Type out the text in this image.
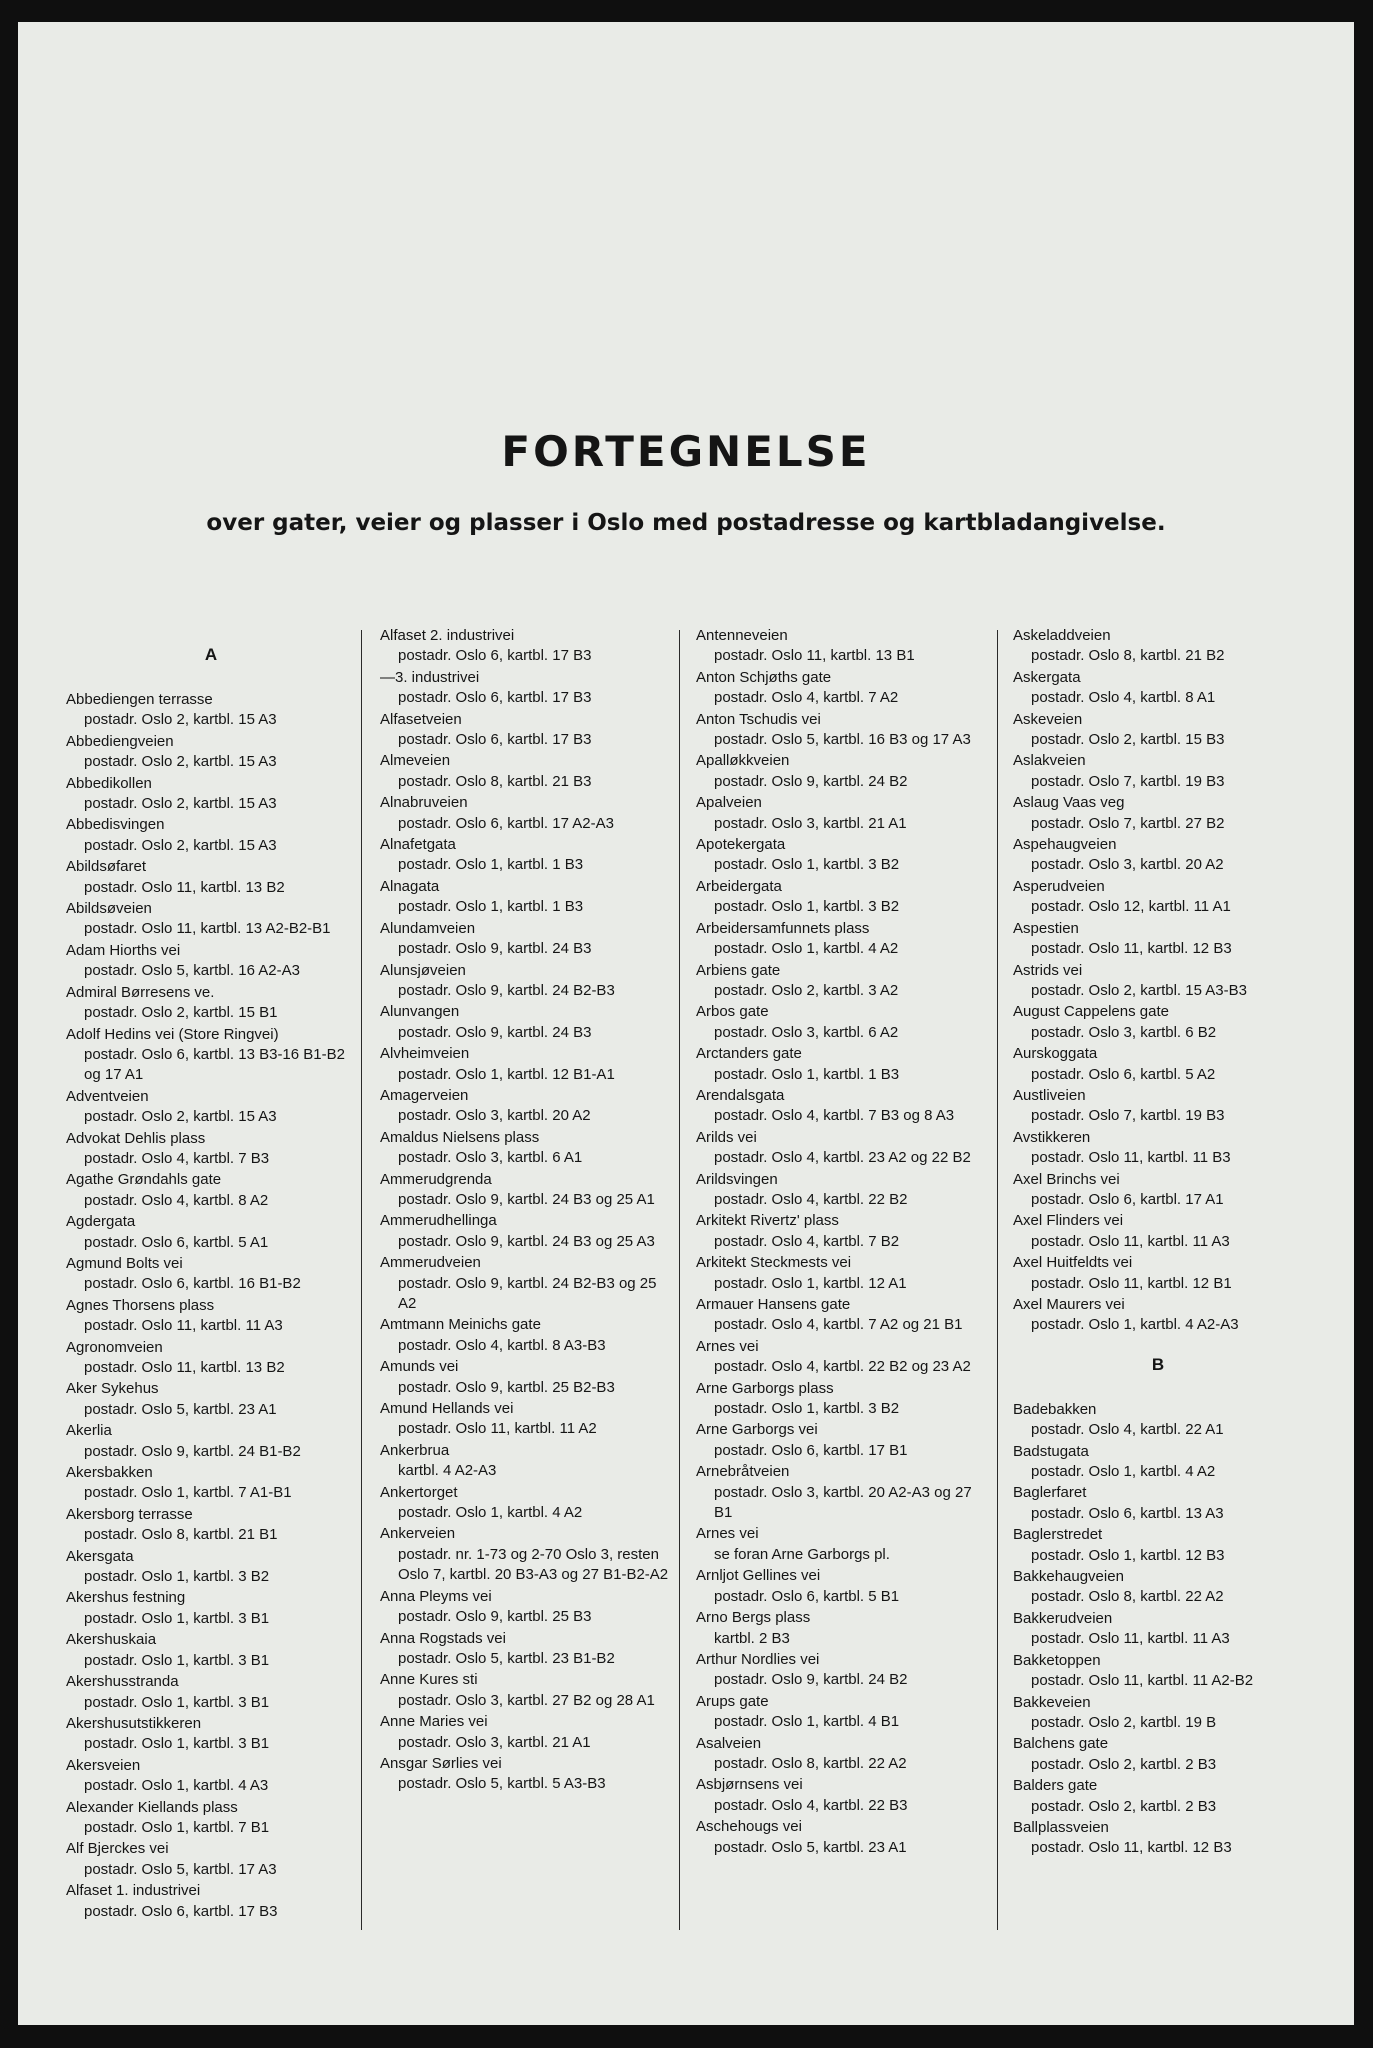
FORTEGNELSE
over gater, veier og plasser i Oslo med postadresse og kartbladangivelse.
A
Abbediengen terrasse
postadr. Oslo 2, kartbl. 15 A3
Abbediengveien
postadr. Oslo 2, kartbl. 15 A3
Abbedikollen
postadr. Oslo 2, kartbl. 15 A3
Abbedisvingen
postadr. Oslo 2, kartbl. 15 A3
Abildsøfaret
postadr. Oslo 11, kartbl. 13 B2
Abildsøveien
postadr. Oslo 11, kartbl. 13 A2-B2-B1
Adam Hiorths vei
postadr. Oslo 5, kartbl. 16 A2-A3
Admiral Børresens ve.
postadr. Oslo 2, kartbl. 15 B1
Adolf Hedins vei (Store Ringvei)
postadr. Oslo 6, kartbl. 13 B3-16 B1-B2 og 17 A1
Adventveien
postadr. Oslo 2, kartbl. 15 A3
Advokat Dehlis plass
postadr. Oslo 4, kartbl. 7 B3
Agathe Grøndahls gate
postadr. Oslo 4, kartbl. 8 A2
Agdergata
postadr. Oslo 6, kartbl. 5 A1
Agmund Bolts vei
postadr. Oslo 6, kartbl. 16 B1-B2
Agnes Thorsens plass
postadr. Oslo 11, kartbl. 11 A3
Agronomveien
postadr. Oslo 11, kartbl. 13 B2
Aker Sykehus
postadr. Oslo 5, kartbl. 23 A1
Akerlia
postadr. Oslo 9, kartbl. 24 B1-B2
Akersbakken
postadr. Oslo 1, kartbl. 7 A1-B1
Akersborg terrasse
postadr. Oslo 8, kartbl. 21 B1
Akersgata
postadr. Oslo 1, kartbl. 3 B2
Akershus festning
postadr. Oslo 1, kartbl. 3 B1
Akershuskaia
postadr. Oslo 1, kartbl. 3 B1
Akershusstranda
postadr. Oslo 1, kartbl. 3 B1
Akershusutstikkeren
postadr. Oslo 1, kartbl. 3 B1
Akersveien
postadr. Oslo 1, kartbl. 4 A3
Alexander Kiellands plass
postadr. Oslo 1, kartbl. 7 B1
Alf Bjerckes vei
postadr. Oslo 5, kartbl. 17 A3
Alfaset 1. industrivei
postadr. Oslo 6, kartbl. 17 B3
Alfaset 2. industrivei
postadr. Oslo 6, kartbl. 17 B3
—3. industrivei
postadr. Oslo 6, kartbl. 17 B3
Alfasetveien
postadr. Oslo 6, kartbl. 17 B3
Almeveien
postadr. Oslo 8, kartbl. 21 B3
Alnabruveien
postadr. Oslo 6, kartbl. 17 A2-A3
Alnafetgata
postadr. Oslo 1, kartbl. 1 B3
Alnagata
postadr. Oslo 1, kartbl. 1 B3
Alundamveien
postadr. Oslo 9, kartbl. 24 B3
Alunsjøveien
postadr. Oslo 9, kartbl. 24 B2-B3
Alunvangen
postadr. Oslo 9, kartbl. 24 B3
Alvheimveien
postadr. Oslo 1, kartbl. 12 B1-A1
Amagerveien
postadr. Oslo 3, kartbl. 20 A2
Amaldus Nielsens plass
postadr. Oslo 3, kartbl. 6 A1
Ammerudgrenda
postadr. Oslo 9, kartbl. 24 B3 og 25 A1
Ammerudhellinga
postadr. Oslo 9, kartbl. 24 B3 og 25 A3
Ammerudveien
postadr. Oslo 9, kartbl. 24 B2-B3 og 25 A2
Amtmann Meinichs gate
postadr. Oslo 4, kartbl. 8 A3-B3
Amunds vei
postadr. Oslo 9, kartbl. 25 B2-B3
Amund Hellands vei
postadr. Oslo 11, kartbl. 11 A2
Ankerbrua
kartbl. 4 A2-A3
Ankertorget
postadr. Oslo 1, kartbl. 4 A2
Ankerveien
postadr. nr. 1-73 og 2-70 Oslo 3, resten Oslo 7, kartbl. 20 B3-A3 og 27 B1-B2-A2
Anna Pleyms vei
postadr. Oslo 9, kartbl. 25 B3
Anna Rogstads vei
postadr. Oslo 5, kartbl. 23 B1-B2
Anne Kures sti
postadr. Oslo 3, kartbl. 27 B2 og 28 A1
Anne Maries vei
postadr. Oslo 3, kartbl. 21 A1
Ansgar Sørlies vei
postadr. Oslo 5, kartbl. 5 A3-B3
Antenneveien
postadr. Oslo 11, kartbl. 13 B1
Anton Schjøths gate
postadr. Oslo 4, kartbl. 7 A2
Anton Tschudis vei
postadr. Oslo 5, kartbl. 16 B3 og 17 A3
Apalløkkveien
postadr. Oslo 9, kartbl. 24 B2
Apalveien
postadr. Oslo 3, kartbl. 21 A1
Apotekergata
postadr. Oslo 1, kartbl. 3 B2
Arbeidergata
postadr. Oslo 1, kartbl. 3 B2
Arbeidersamfunnets plass
postadr. Oslo 1, kartbl. 4 A2
Arbiens gate
postadr. Oslo 2, kartbl. 3 A2
Arbos gate
postadr. Oslo 3, kartbl. 6 A2
Arctanders gate
postadr. Oslo 1, kartbl. 1 B3
Arendalsgata
postadr. Oslo 4, kartbl. 7 B3 og 8 A3
Arilds vei
postadr. Oslo 4, kartbl. 23 A2 og 22 B2
Arildsvingen
postadr. Oslo 4, kartbl. 22 B2
Arkitekt Rivertz' plass
postadr. Oslo 4, kartbl. 7 B2
Arkitekt Steckmests vei
postadr. Oslo 1, kartbl. 12 A1
Armauer Hansens gate
postadr. Oslo 4, kartbl. 7 A2 og 21 B1
Arnes vei
postadr. Oslo 4, kartbl. 22 B2 og 23 A2
Arne Garborgs plass
postadr. Oslo 1, kartbl. 3 B2
Arne Garborgs vei
postadr. Oslo 6, kartbl. 17 B1
Arnebråtveien
postadr. Oslo 3, kartbl. 20 A2-A3 og 27 B1
Arnes vei
se foran Arne Garborgs pl.
Arnljot Gellines vei
postadr. Oslo 6, kartbl. 5 B1
Arno Bergs plass
kartbl. 2 B3
Arthur Nordlies vei
postadr. Oslo 9, kartbl. 24 B2
Arups gate
postadr. Oslo 1, kartbl. 4 B1
Asalveien
postadr. Oslo 8, kartbl. 22 A2
Asbjørnsens vei
postadr. Oslo 4, kartbl. 22 B3
Aschehougs vei
postadr. Oslo 5, kartbl. 23 A1
Askeladdveien
postadr. Oslo 8, kartbl. 21 B2
Askergata
postadr. Oslo 4, kartbl. 8 A1
Askeveien
postadr. Oslo 2, kartbl. 15 B3
Aslakveien
postadr. Oslo 7, kartbl. 19 B3
Aslaug Vaas veg
postadr. Oslo 7, kartbl. 27 B2
Aspehaugveien
postadr. Oslo 3, kartbl. 20 A2
Asperudveien
postadr. Oslo 12, kartbl. 11 A1
Aspestien
postadr. Oslo 11, kartbl. 12 B3
Astrids vei
postadr. Oslo 2, kartbl. 15 A3-B3
August Cappelens gate
postadr. Oslo 3, kartbl. 6 B2
Aurskoggata
postadr. Oslo 6, kartbl. 5 A2
Austliveien
postadr. Oslo 7, kartbl. 19 B3
Avstikkeren
postadr. Oslo 11, kartbl. 11 B3
Axel Brinchs vei
postadr. Oslo 6, kartbl. 17 A1
Axel Flinders vei
postadr. Oslo 11, kartbl. 11 A3
Axel Huitfeldts vei
postadr. Oslo 11, kartbl. 12 B1
Axel Maurers vei
postadr. Oslo 1, kartbl. 4 A2-A3
B
Badebakken
postadr. Oslo 4, kartbl. 22 A1
Badstugata
postadr. Oslo 1, kartbl. 4 A2
Baglerfaret
postadr. Oslo 6, kartbl. 13 A3
Baglerstredet
postadr. Oslo 1, kartbl. 12 B3
Bakkehaugveien
postadr. Oslo 8, kartbl. 22 A2
Bakkerudveien
postadr. Oslo 11, kartbl. 11 A3
Bakketoppen
postadr. Oslo 11, kartbl. 11 A2-B2
Bakkeveien
postadr. Oslo 2, kartbl. 19 B
Balchens gate
postadr. Oslo 2, kartbl. 2 B3
Balders gate
postadr. Oslo 2, kartbl. 2 B3
Ballplassveien
postadr. Oslo 11, kartbl. 12 B3
